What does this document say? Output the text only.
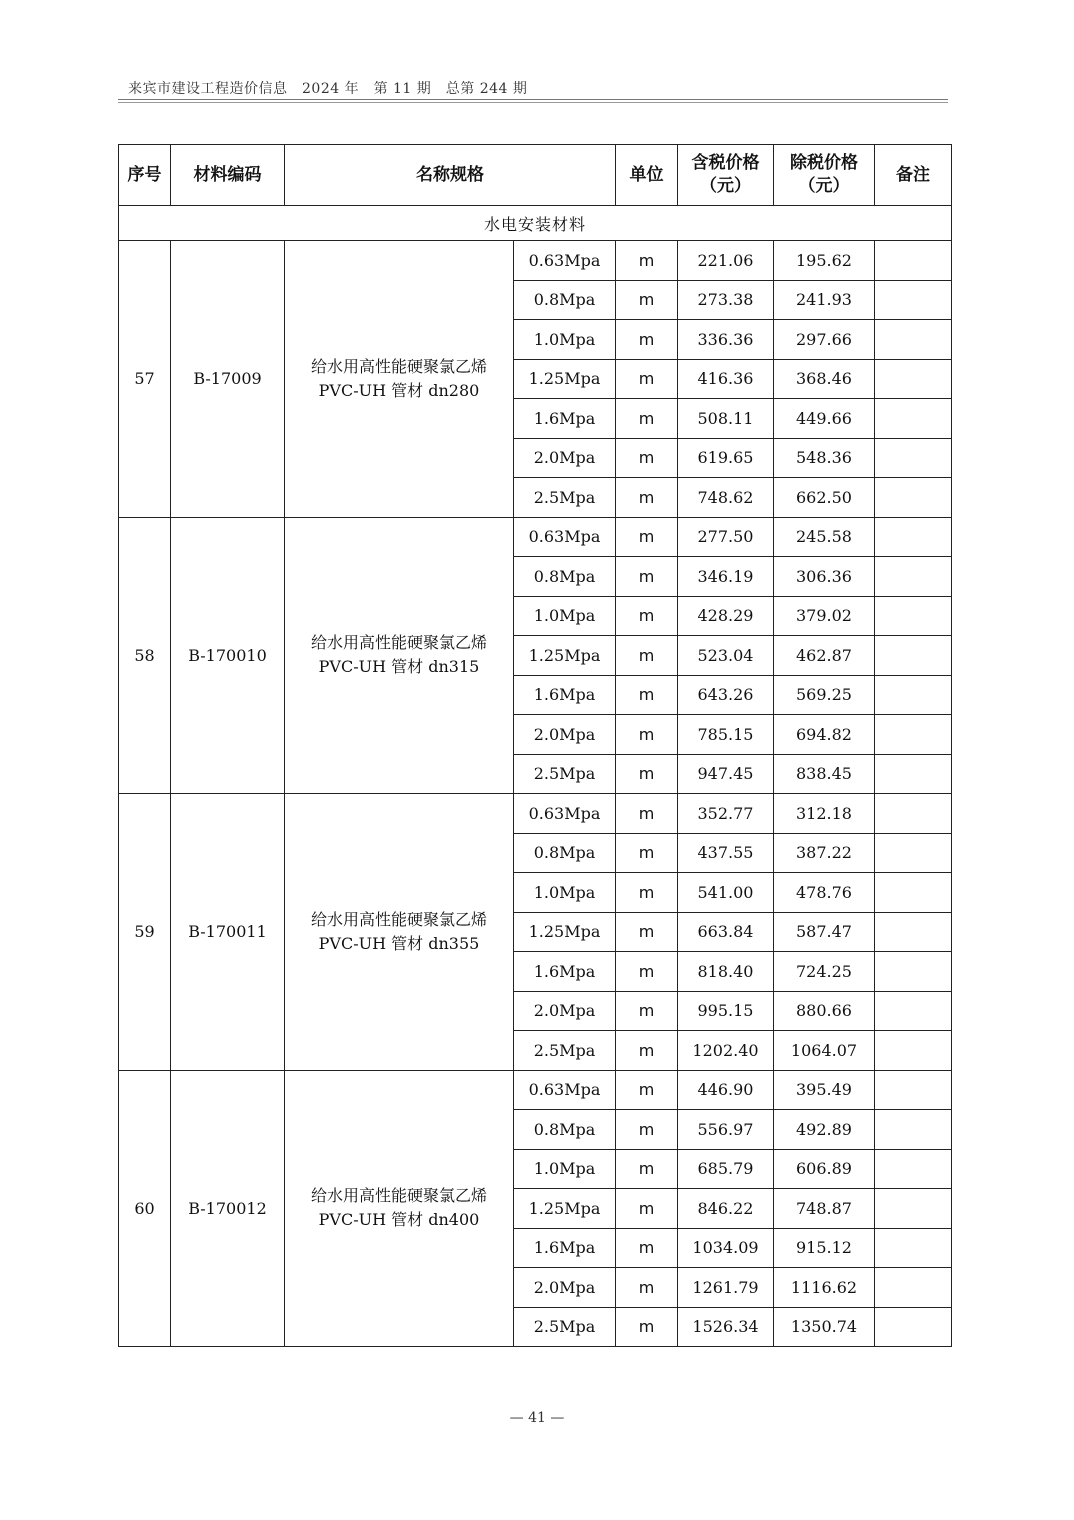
来宾市建设工程造价信息　2024 年　第 11 期　总第 244 期
序号	材料编码	名称规格		单位	含税价格（元）	除税价格（元）	备注
水电安装材料							
57	B-17009	给水用高性能硬聚氯乙烯
PVC-UH 管材 dn280	0.63Mpa	m	221.06	195.62	
			0.8Mpa	m	273.38	241.93	
			1.0Mpa	m	336.36	297.66	
			1.25Mpa	m	416.36	368.46	
			1.6Mpa	m	508.11	449.66	
			2.0Mpa	m	619.65	548.36	
			2.5Mpa	m	748.62	662.50	
58	B-170010	给水用高性能硬聚氯乙烯
PVC-UH 管材 dn315	0.63Mpa	m	277.50	245.58	
			0.8Mpa	m	346.19	306.36	
			1.0Mpa	m	428.29	379.02	
			1.25Mpa	m	523.04	462.87	
			1.6Mpa	m	643.26	569.25	
			2.0Mpa	m	785.15	694.82	
			2.5Mpa	m	947.45	838.45	
59	B-170011	给水用高性能硬聚氯乙烯
PVC-UH 管材 dn355	0.63Mpa	m	352.77	312.18	
			0.8Mpa	m	437.55	387.22	
			1.0Mpa	m	541.00	478.76	
			1.25Mpa	m	663.84	587.47	
			1.6Mpa	m	818.40	724.25	
			2.0Mpa	m	995.15	880.66	
			2.5Mpa	m	1202.40	1064.07	
60	B-170012	给水用高性能硬聚氯乙烯
PVC-UH 管材 dn400	0.63Mpa	m	446.90	395.49	
			0.8Mpa	m	556.97	492.89	
			1.0Mpa	m	685.79	606.89	
			1.25Mpa	m	846.22	748.87	
			1.6Mpa	m	1034.09	915.12	
			2.0Mpa	m	1261.79	1116.62	
			2.5Mpa	m	1526.34	1350.74	
— 41 —
